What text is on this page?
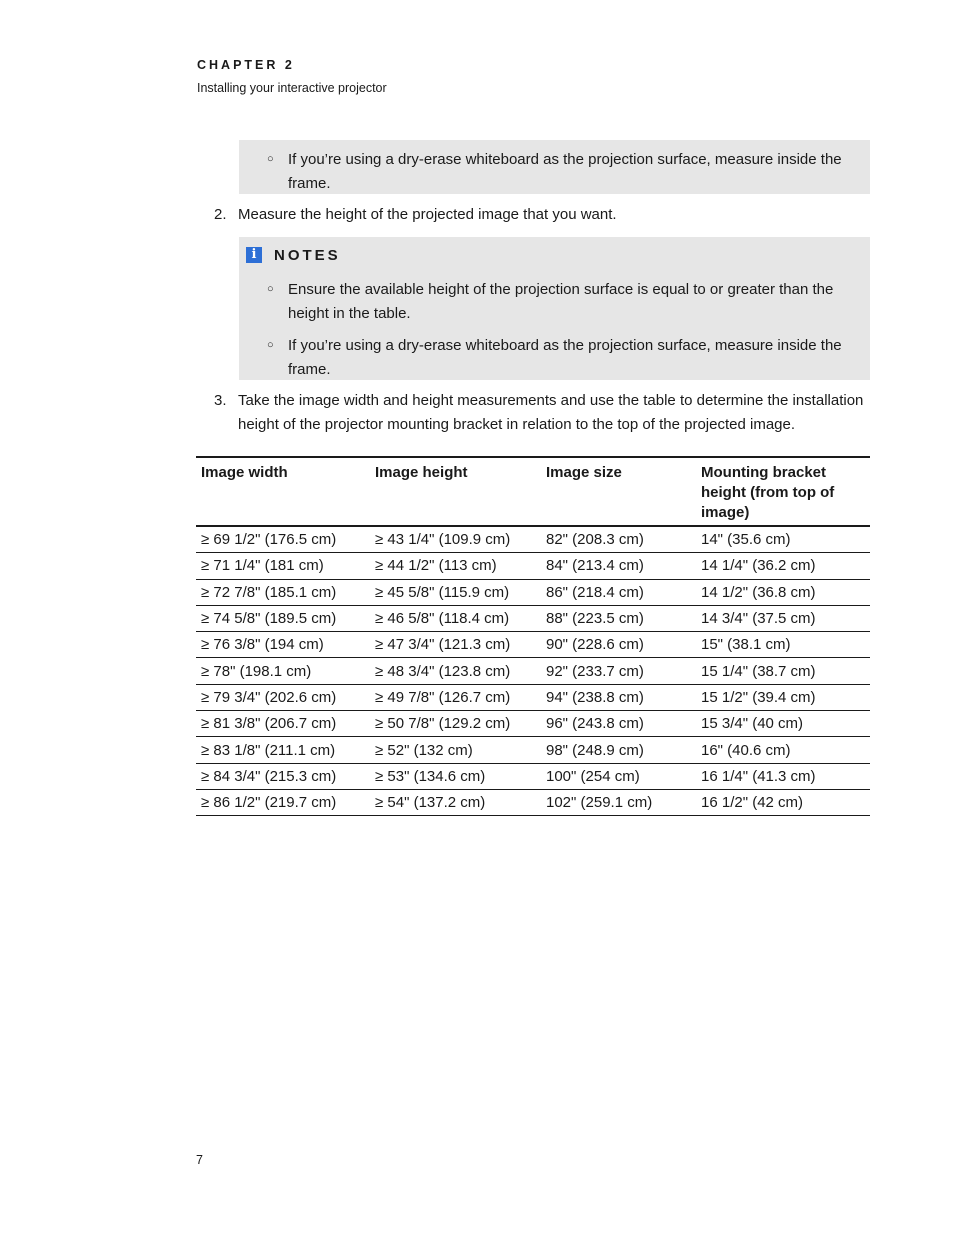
CHAPTER 2
Installing your interactive projector
○ If you’re using a dry-erase whiteboard as the projection surface, measure inside the frame.
2. Measure the height of the projected image that you want.
i	NOTES
○ Ensure the available height of the projection surface is equal to or greater than the height in the table.
○ If you’re using a dry-erase whiteboard as the projection surface, measure inside the frame.
3. Take the image width and height measurements and use the table to determine the installation height of the projector mounting bracket in relation to the top of the projected image.
Image width	Image height	Image size	Mounting bracket height (from top of image)
≥ 69 1/2" (176.5 cm)	≥ 43 1/4" (109.9 cm)	82" (208.3 cm)	14" (35.6 cm)
≥ 71 1/4" (181 cm)	≥ 44 1/2" (113 cm)	84" (213.4 cm)	14 1/4" (36.2 cm)
≥ 72 7/8" (185.1 cm)	≥ 45 5/8" (115.9 cm)	86" (218.4 cm)	14 1/2" (36.8 cm)
≥ 74 5/8" (189.5 cm)	≥ 46 5/8" (118.4 cm)	88" (223.5 cm)	14 3/4" (37.5 cm)
≥ 76 3/8" (194 cm)	≥ 47 3/4" (121.3 cm)	90" (228.6 cm)	15" (38.1 cm)
≥ 78" (198.1 cm)	≥ 48 3/4" (123.8 cm)	92" (233.7 cm)	15 1/4" (38.7 cm)
≥ 79 3/4" (202.6 cm)	≥ 49 7/8" (126.7 cm)	94" (238.8 cm)	15 1/2" (39.4 cm)
≥ 81 3/8" (206.7 cm)	≥ 50 7/8" (129.2 cm)	96" (243.8 cm)	15 3/4" (40 cm)
≥ 83 1/8" (211.1 cm)	≥ 52" (132 cm)	98" (248.9 cm)	16" (40.6 cm)
≥ 84 3/4" (215.3 cm)	≥ 53" (134.6 cm)	100" (254 cm)	16 1/4" (41.3 cm)
≥ 86 1/2" (219.7 cm)	≥ 54" (137.2 cm)	102" (259.1 cm)	16 1/2" (42 cm)
7
